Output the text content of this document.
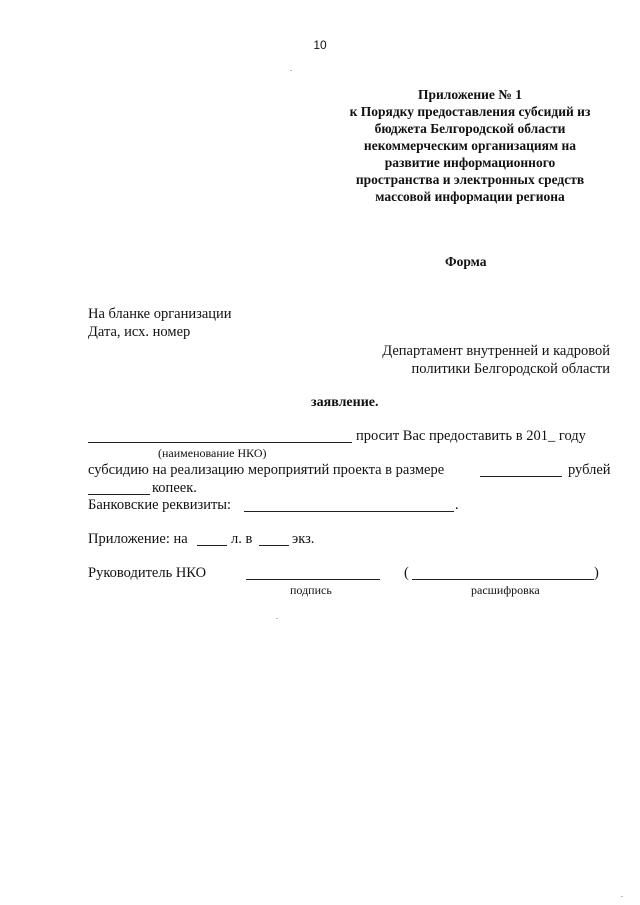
10
Приложение № 1
к Порядку предоставления субсидий из
бюджета Белгородской области
некоммерческим организациям на
развитие информационного
пространства и электронных средств
массовой информации региона
Форма
На бланке организации
Дата, исх. номер
Департамент внутренней и кадровой
политики Белгородской области
заявление.
просит Вас предоставить в 201_ году
(наименование НКО)
субсидию на реализацию мероприятий проекта в размере	рублей
копеек.
Банковские реквизиты:	.
Приложение: на	л. в	экз.
Руководитель НКО	(	)
подпись	расшифровка
